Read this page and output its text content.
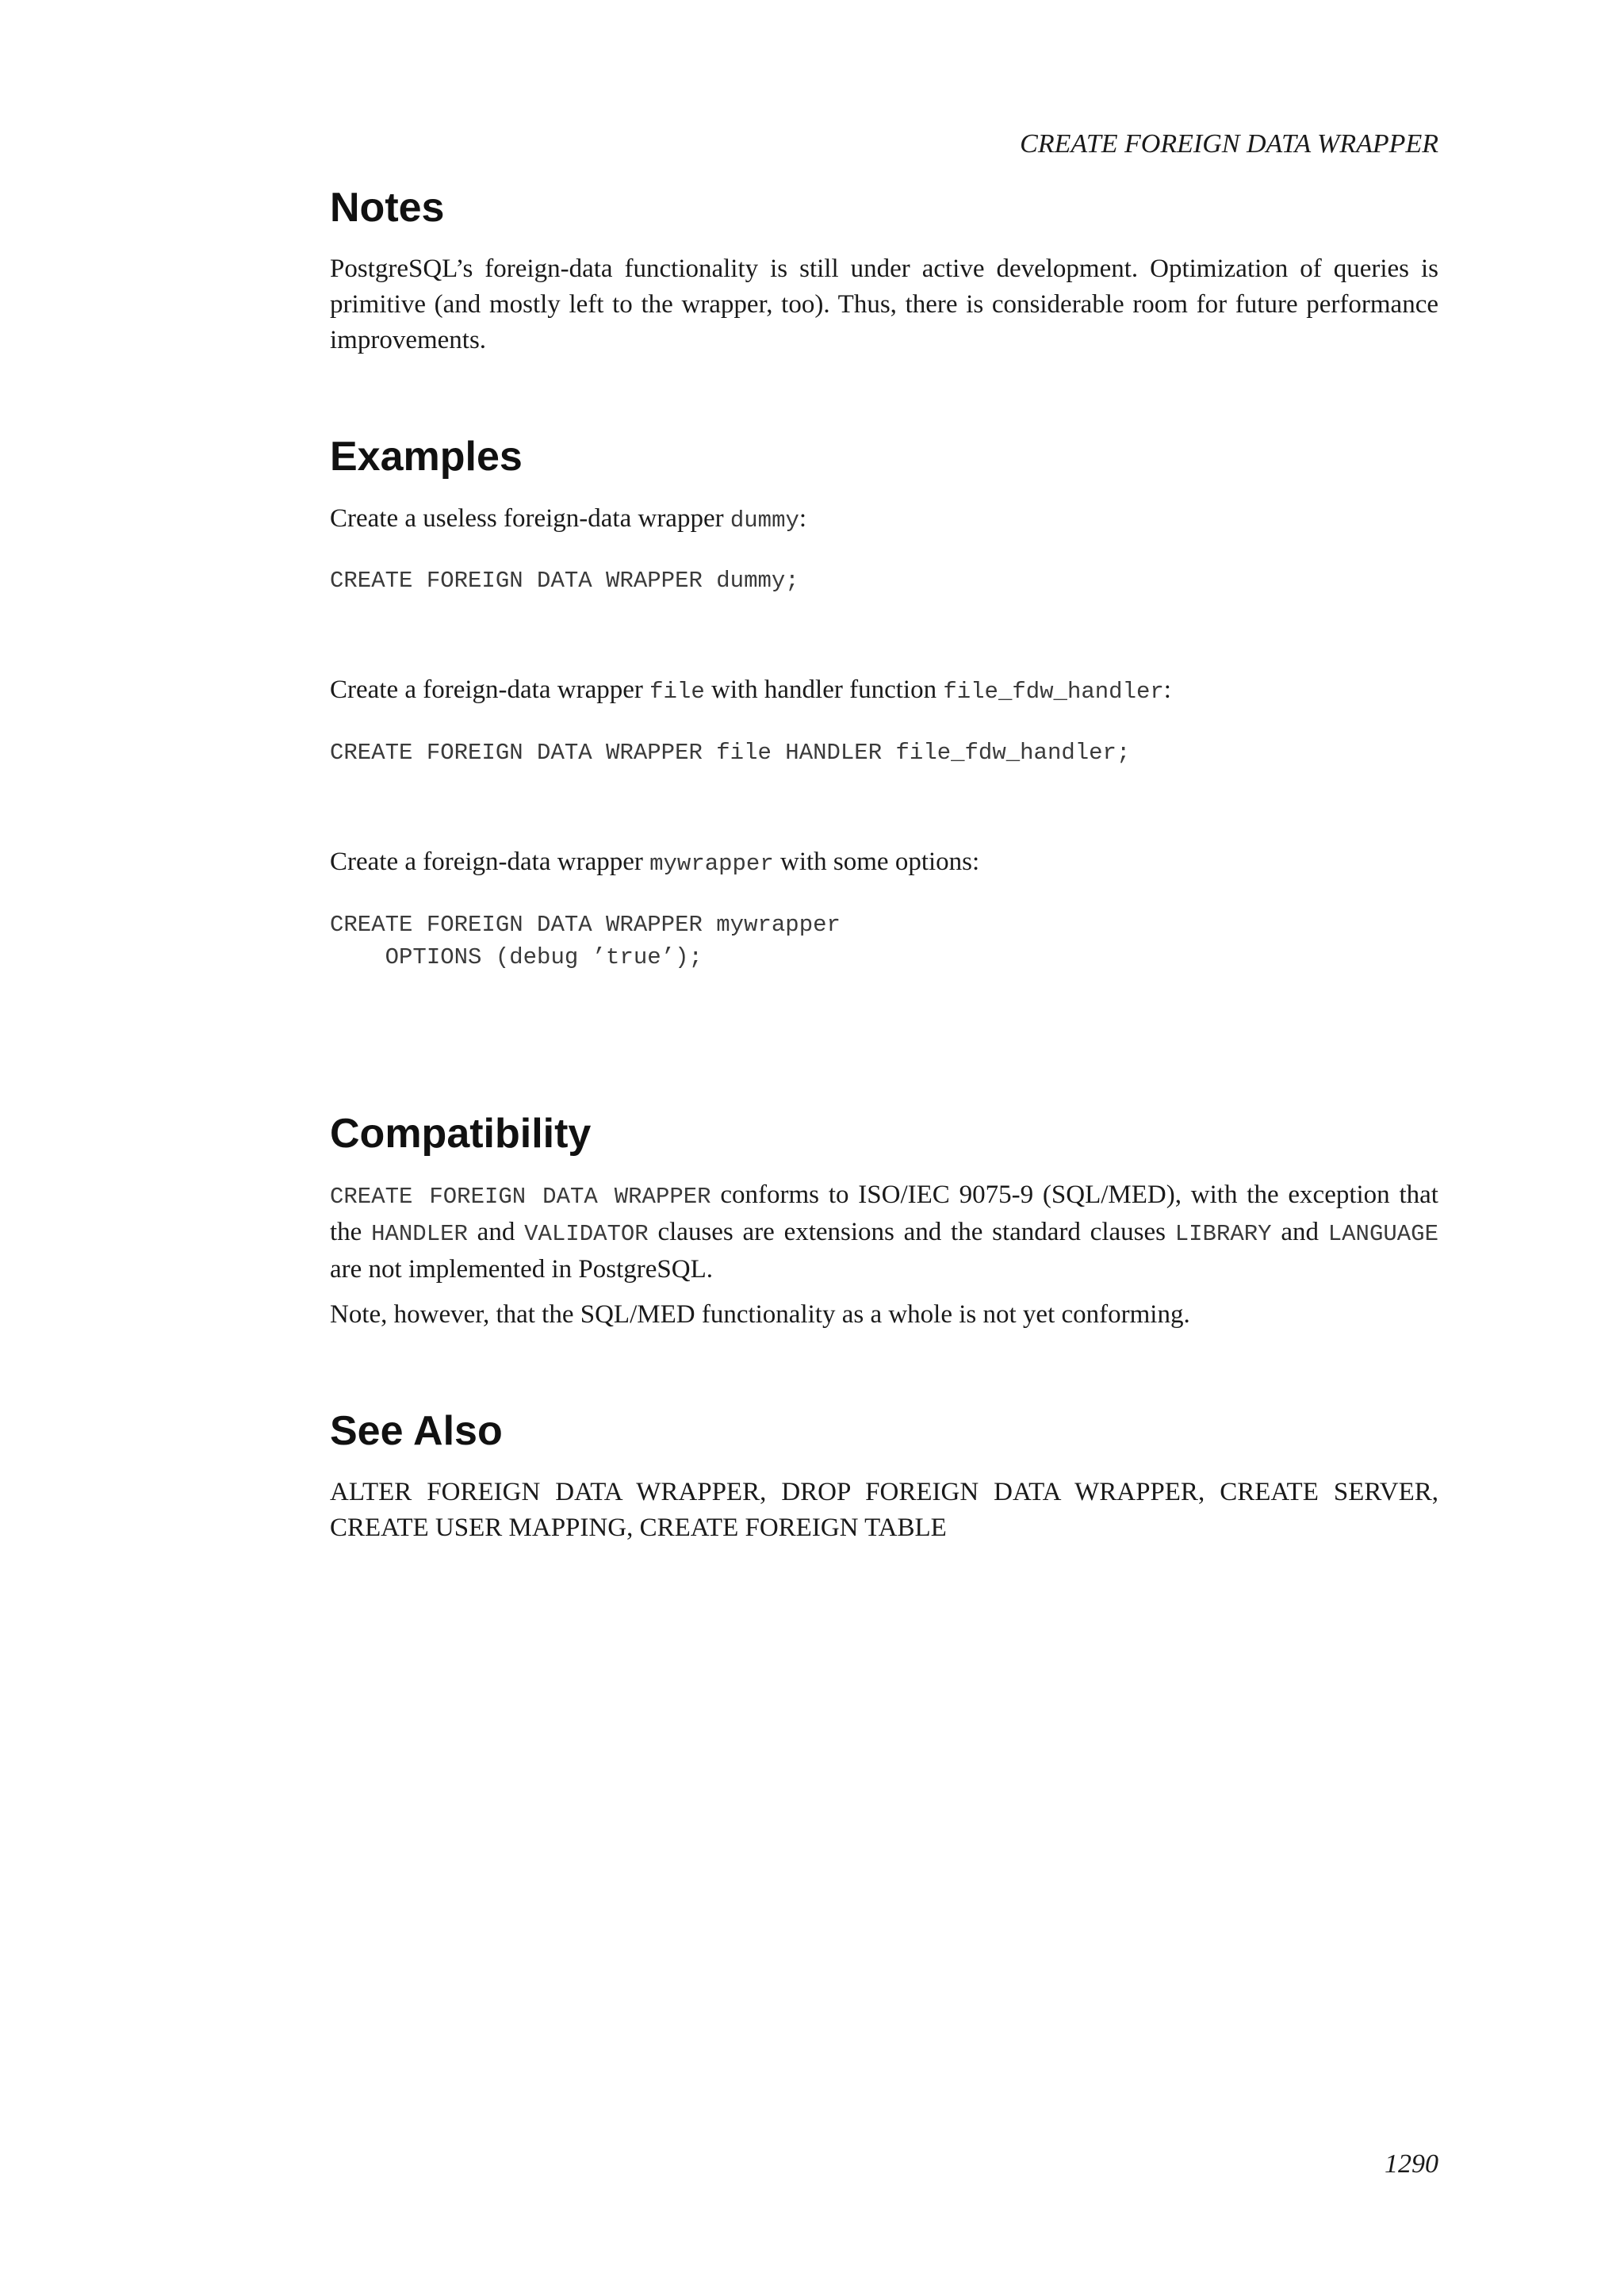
CREATE FOREIGN DATA WRAPPER
Notes

PostgreSQL’s foreign-data functionality is still under active development. Optimization of queries is primitive (and mostly left to the wrapper, too). Thus, there is considerable room for future performance improvements.

Examples

Create a useless foreign-data wrapper dummy:

CREATE FOREIGN DATA WRAPPER dummy;

Create a foreign-data wrapper file with handler function file_fdw_handler:

CREATE FOREIGN DATA WRAPPER file HANDLER file_fdw_handler;

Create a foreign-data wrapper mywrapper with some options:

CREATE FOREIGN DATA WRAPPER mywrapper
OPTIONS (debug ’true’);
Compatibility

CREATE FOREIGN DATA WRAPPER conforms to ISO/IEC 9075-9 (SQL/MED), with the exception that the HANDLER and VALIDATOR clauses are extensions and the standard clauses LIBRARY and LANGUAGE are not implemented in PostgreSQL.

Note, however, that the SQL/MED functionality as a whole is not yet conforming.

See Also

ALTER FOREIGN DATA WRAPPER, DROP FOREIGN DATA WRAPPER, CREATE SERVER, CREATE USER MAPPING, CREATE FOREIGN TABLE

1290
